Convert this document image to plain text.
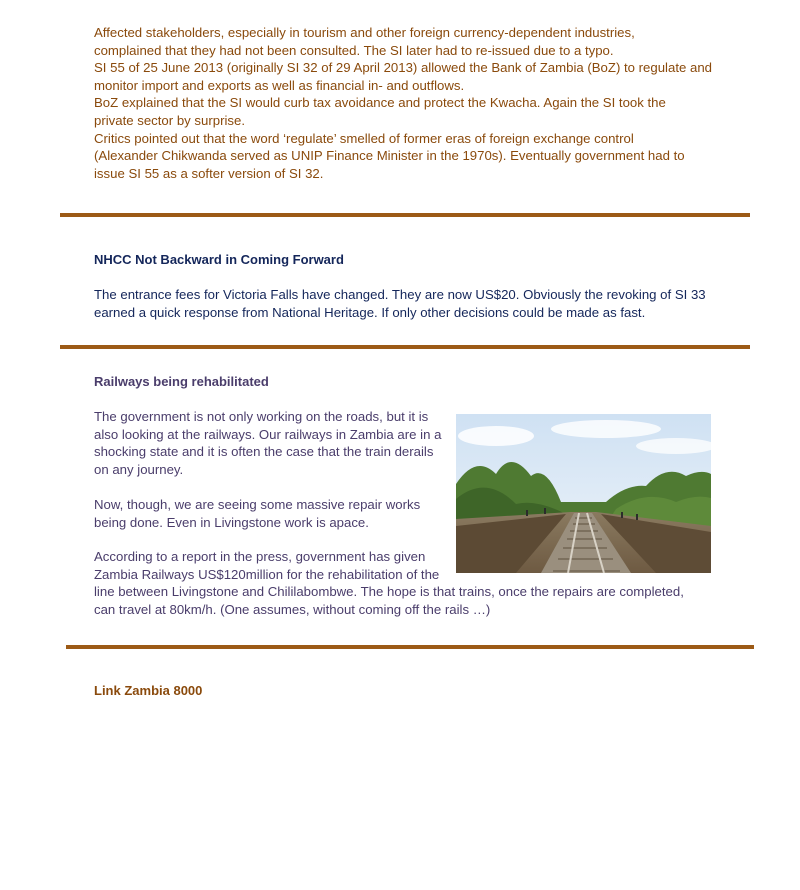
Affected stakeholders, especially in tourism and other foreign currency-dependent industries,
complained that they had not been consulted. The SI later had to re-issued due to a typo.
SI 55 of 25 June 2013 (originally SI 32 of 29 April 2013) allowed the Bank of Zambia (BoZ) to regulate and
monitor import and exports as well as financial in- and outflows.
BoZ explained that the SI would curb tax avoidance and protect the Kwacha. Again the SI took the
private sector by surprise.
Critics pointed out that the word ‘regulate’ smelled of former eras of foreign exchange control
(Alexander Chikwanda served as UNIP Finance Minister in the 1970s). Eventually government had to
issue SI 55 as a softer version of SI 32.

NHCC Not Backward in Coming Forward

The entrance fees for Victoria Falls have changed. They are now US$20. Obviously the revoking of SI 33
earned a quick response from National Heritage. If only other decisions could be made as fast.

Railways being rehabilitated

The government is not only working on the roads, but it is
also looking at the railways. Our railways in Zambia are in a
shocking state and it is often the case that the train derails
on any journey.
Now, though, we are seeing some massive repair works
being done. Even in Livingstone work is apace.
According to a report in the press, government has given
Zambia Railways US$120million for the rehabilitation of the
line between Livingstone and Chililabombwe. The hope is that trains, once the repairs are completed,
can travel at 80km/h. (One assumes, without coming off the rails …)

Link Zambia 8000
